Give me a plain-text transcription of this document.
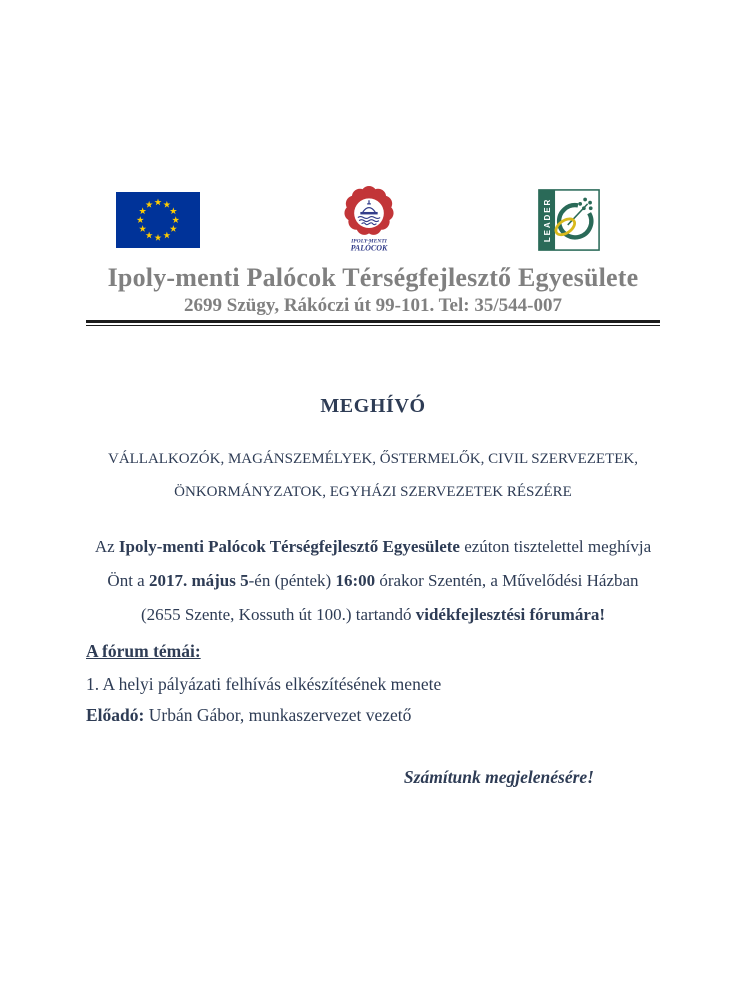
IPOLY·MENTI
PALÓCOK
LEADER
Ipoly-menti Palócok Térségfejlesztő Egyesülete
2699 Szügy, Rákóczi út 99-101. Tel: 35/544-007
MEGHÍVÓ
VÁLLALKOZÓK, MAGÁNSZEMÉLYEK, ŐSTERMELŐK, CIVIL SZERVEZETEK,
ÖNKORMÁNYZATOK, EGYHÁZI SZERVEZETEK RÉSZÉRE

Az Ipoly-menti Palócok Térségfejlesztő Egyesülete ezúton tisztelettel meghívja Önt a 2017. május 5-én (péntek) 16:00 órakor Szentén, a Művelődési Házban (2655 Szente, Kossuth út 100.) tartandó vidékfejlesztési fórumára!

A fórum témái:

1. A helyi pályázati felhívás elkészítésének menete

Előadó: Urbán Gábor, munkaszervezet vezető

Számítunk megjelenésére!
